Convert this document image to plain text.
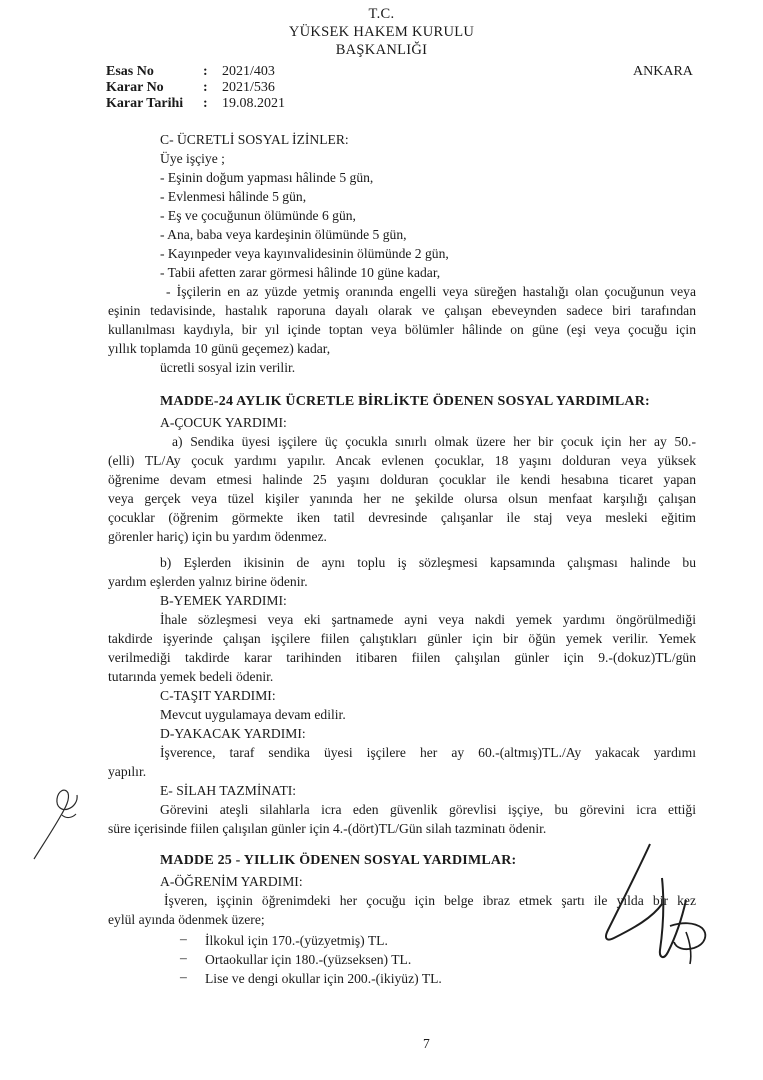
T.C.
YÜKSEK HAKEM KURULU
BAŞKANLIĞI
Esas No	: 2021/403
Karar No	: 2021/536
Karar Tarihi : 19.08.2021
ANKARA
C- ÜCRETLİ SOSYAL İZİNLER:
Üye işçiye ;
- Eşinin doğum yapması hâlinde 5 gün,
- Evlenmesi hâlinde 5 gün,
- Eş ve çocuğunun ölümünde 6 gün,
- Ana, baba veya kardeşinin ölümünde 5 gün,
- Kayınpeder veya kayınvalidesinin ölümünde 2 gün,
- Tabii afetten zarar görmesi hâlinde 10 güne kadar,
- İşçilerin en az yüzde yetmiş oranında engelli veya süreğen hastalığı olan çocuğunun veya
eşinin tedavisinde, hastalık raporuna dayalı olarak ve çalışan ebeveynden sadece biri tarafından
kullanılması kaydıyla, bir yıl içinde toptan veya bölümler hâlinde on güne (eşi veya çocuğu için
yıllık toplamda 10 günü geçemez) kadar,
ücretli sosyal izin verilir.
MADDE-24 AYLIK ÜCRETLE BİRLİKTE ÖDENEN SOSYAL YARDIMLAR:
A-ÇOCUK YARDIMI:
a) Sendika üyesi işçilere üç çocukla sınırlı olmak üzere her bir çocuk için her ay 50.-
(elli) TL/Ay çocuk yardımı yapılır. Ancak evlenen çocuklar, 18 yaşını dolduran veya yüksek
öğrenime devam etmesi halinde 25 yaşını dolduran çocuklar ile kendi hesabına ticaret yapan
veya gerçek veya tüzel kişiler yanında her ne şekilde olursa olsun menfaat karşılığı çalışan
çocuklar (öğrenim görmekte iken tatil devresinde çalışanlar ile staj veya mesleki eğitim
görenler hariç) için bu yardım ödenmez.
b) Eşlerden ikisinin de aynı toplu iş sözleşmesi kapsamında çalışması halinde bu
yardım eşlerden yalnız birine ödenir.
B-YEMEK YARDIMI:
İhale sözleşmesi veya eki şartnamede ayni veya nakdi yemek yardımı öngörülmediği
takdirde işyerinde çalışan işçilere fiilen çalıştıkları günler için bir öğün yemek verilir. Yemek
verilmediği takdirde karar tarihinden itibaren fiilen çalışılan günler için 9.-(dokuz)TL/gün
tutarında yemek bedeli ödenir.
C-TAŞIT YARDIMI:
Mevcut uygulamaya devam edilir.
D-YAKACAK YARDIMI:
İşverence, taraf sendika üyesi işçilere her ay 60.-(altmış)TL./Ay yakacak yardımı
yapılır.
E- SİLAH TAZMİNATI:
Görevini ateşli silahlarla icra eden güvenlik görevlisi işçiye, bu görevini icra ettiği
süre içerisinde fiilen çalışılan günler için 4.-(dört)TL/Gün silah tazminatı ödenir.
MADDE 25 - YILLIK ÖDENEN SOSYAL YARDIMLAR:
A-ÖĞRENİM YARDIMI:
İşveren, işçinin öğrenimdeki her çocuğu için belge ibraz etmek şartı ile yılda bir kez
eylül ayında ödenmek üzere;
– İlkokul için 170.-(yüzyetmiş) TL.
– Ortaokullar için 180.-(yüzseksen) TL.
– Lise ve dengi okullar için 200.-(ikiyüz) TL.
7
